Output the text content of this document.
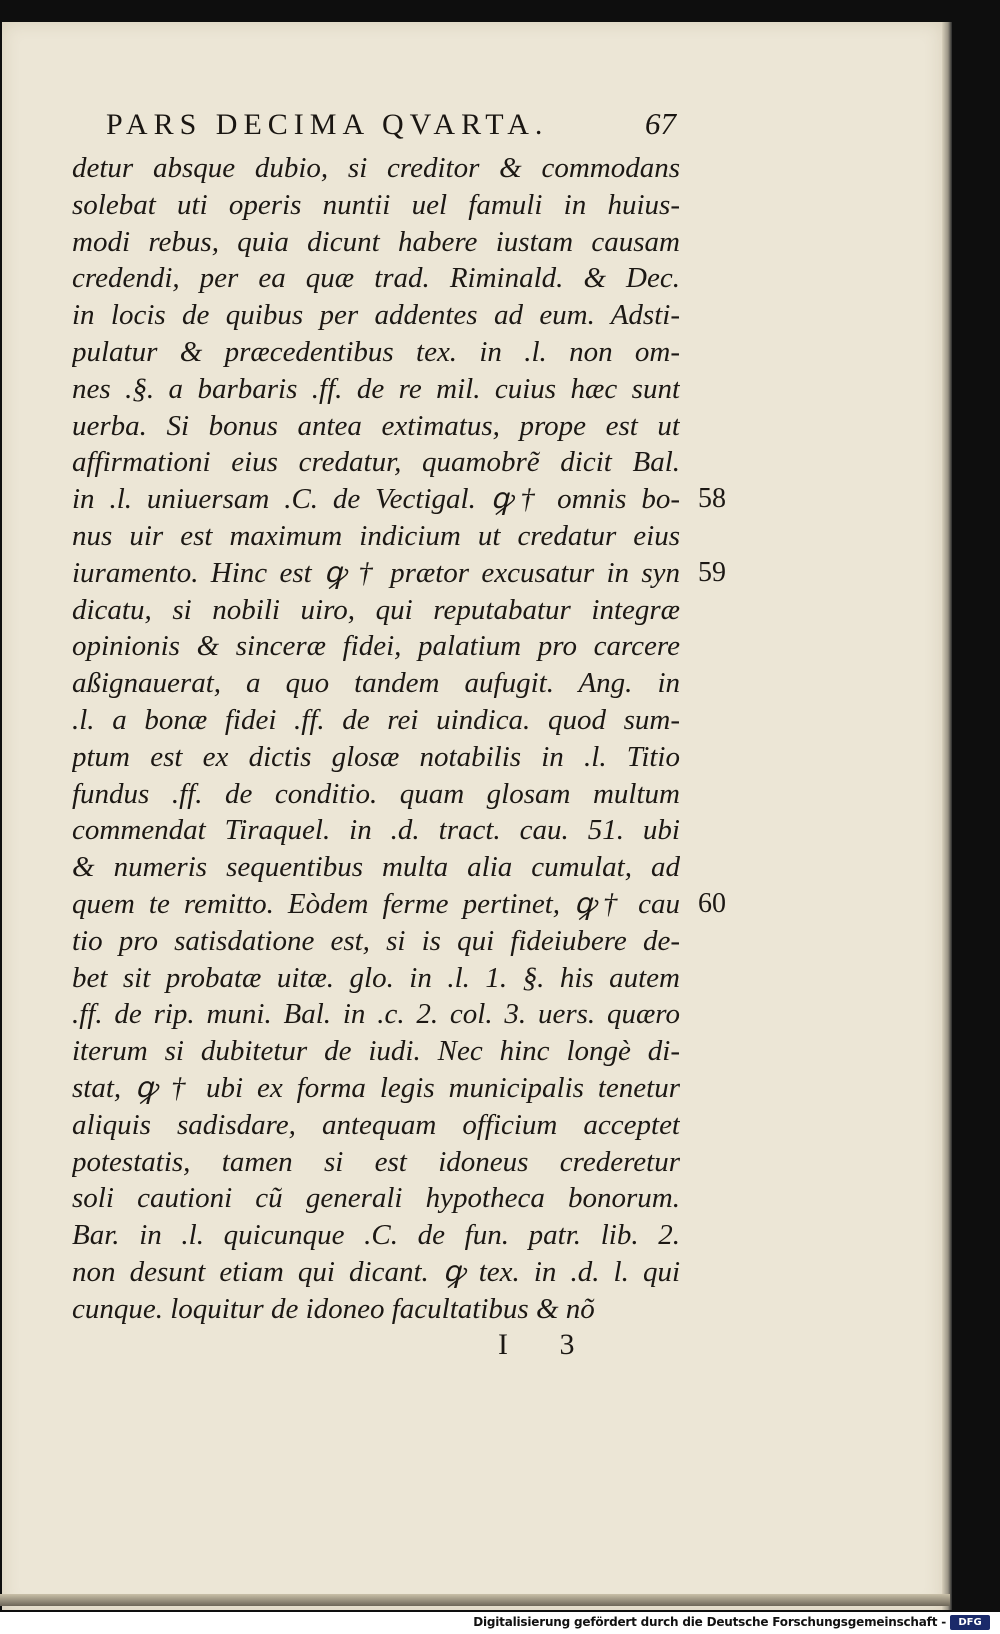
PARS DECIMA QVARTA.	67
detur absque dubio, si creditor & commodans
solebat uti operis nuntii uel famuli in huius-
modi rebus, quia dicunt habere iustam causam
credendi, per ea quæ trad. Riminald. & Dec.
in locis de quibus per addentes ad eum. Adsti-
pulatur & præcedentibus tex. in .l. non om-
nes .§. a barbaris .ff. de re mil. cuius hæc sunt
uerba. Si bonus antea extimatus, prope est ut
affirmationi eius credatur, quamobrẽ dicit Bal.
in .l. uniuersam .C. de Vectigal. ꝙ† omnis bo-
nus uir est maximum indicium ut credatur eius
iuramento. Hinc est ꝙ † prætor excusatur in syn
dicatu, si nobili uiro, qui reputabatur integræ
opinionis & sinceræ fidei, palatium pro carcere
aßignauerat, a quo tandem aufugit. Ang. in
.l. a bonæ fidei .ff. de rei uindica. quod sum-
ptum est ex dictis glosæ notabilis in .l. Titio
fundus .ff. de conditio. quam glosam multum
commendat Tiraquel. in .d. tract. cau. 51. ubi
& numeris sequentibus multa alia cumulat, ad
quem te remitto. Eòdem ferme pertinet, ꝙ† cau
tio pro satisdatione est, si is qui fideiubere de-
bet sit probatæ uitæ. glo. in .l. 1. §. his autem
.ff. de rip. muni. Bal. in .c. 2. col. 3. uers. quæro
iterum si dubitetur de iudi. Nec hinc longè di-
stat, ꝙ † ubi ex forma legis municipalis tenetur
aliquis sadisdare, antequam officium acceptet
potestatis, tamen si est idoneus crederetur
soli cautioni cũ generali hypotheca bonorum.
Bar. in .l. quicunque .C. de fun. patr. lib. 2.
non desunt etiam qui dicant. ꝙ tex. in .d. l. qui
cunque. loquitur de idoneo facultatibus & nõ
58
59
60
I 3
Digitalisierung gefördert durch die Deutsche Forschungsgemeinschaft -	DFG
